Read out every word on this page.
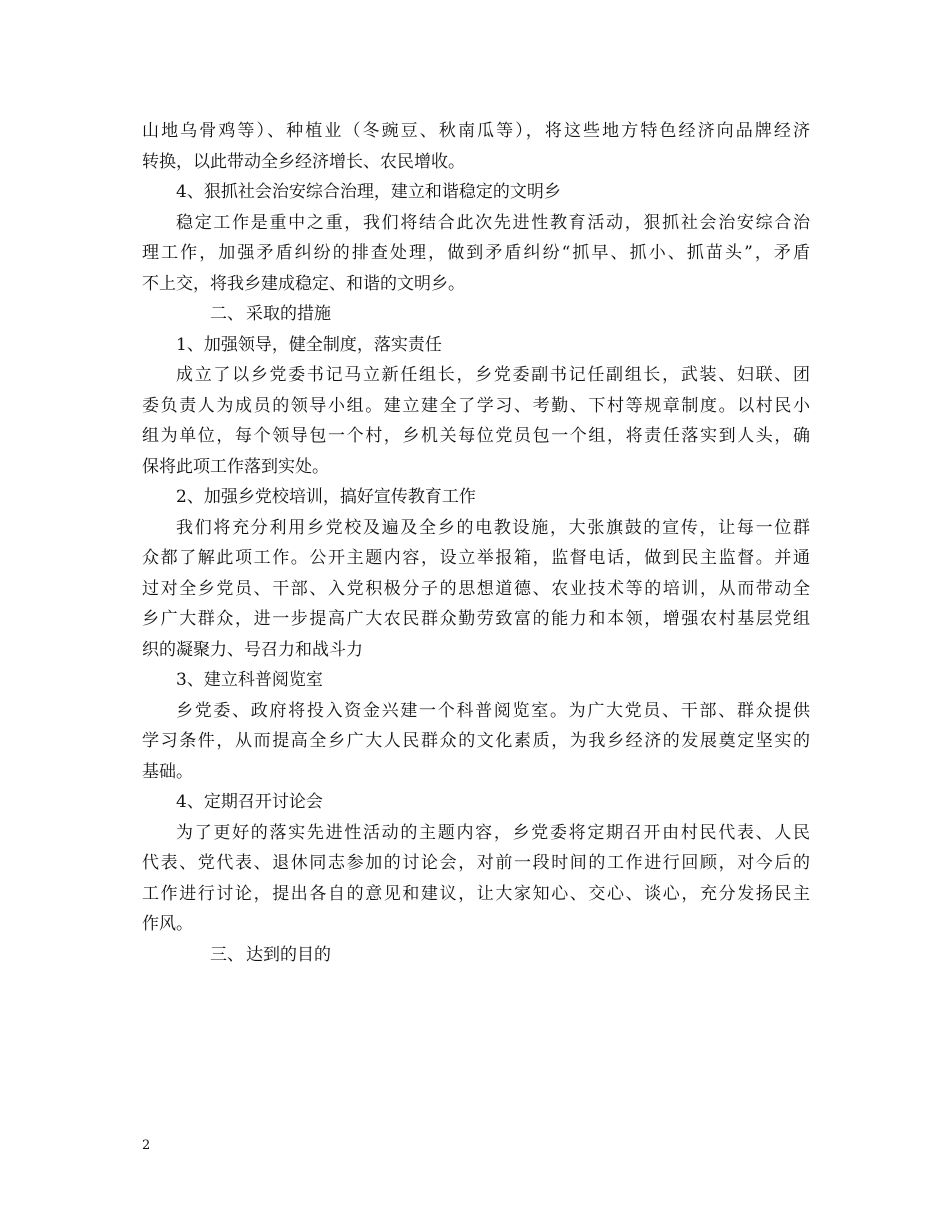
山地乌骨鸡等）、种植业（冬豌豆、秋南瓜等），将这些地方特色经济向品牌经济
转换，以此带动全乡经济增长、农民增收。
4、狠抓社会治安综合治理，建立和谐稳定的文明乡
稳定工作是重中之重，我们将结合此次先进性教育活动，狠抓社会治安综合治
理工作，加强矛盾纠纷的排查处理，做到矛盾纠纷“抓早、抓小、抓苗头”，矛盾
不上交，将我乡建成稳定、和谐的文明乡。
二、 采取的措施
1、加强领导，健全制度，落实责任
成立了以乡党委书记马立新任组长，乡党委副书记任副组长，武装、妇联、团
委负责人为成员的领导小组。建立建全了学习、考勤、下村等规章制度。以村民小
组为单位，每个领导包一个村，乡机关每位党员包一个组，将责任落实到人头，确
保将此项工作落到实处。
2、加强乡党校培训，搞好宣传教育工作
我们将充分利用乡党校及遍及全乡的电教设施，大张旗鼓的宣传，让每一位群
众都了解此项工作。公开主题内容，设立举报箱，监督电话，做到民主监督。并通
过对全乡党员、干部、入党积极分子的思想道德、农业技术等的培训，从而带动全
乡广大群众，进一步提高广大农民群众勤劳致富的能力和本领，增强农村基层党组
织的凝聚力、号召力和战斗力
3、建立科普阅览室
乡党委、政府将投入资金兴建一个科普阅览室。为广大党员、干部、群众提供
学习条件，从而提高全乡广大人民群众的文化素质，为我乡经济的发展奠定坚实的
基础。
4、定期召开讨论会
为了更好的落实先进性活动的主题内容，乡党委将定期召开由村民代表、人民
代表、党代表、退休同志参加的讨论会，对前一段时间的工作进行回顾，对今后的
工作进行讨论，提出各自的意见和建议，让大家知心、交心、谈心，充分发扬民主
作风。
三、 达到的目的
2
